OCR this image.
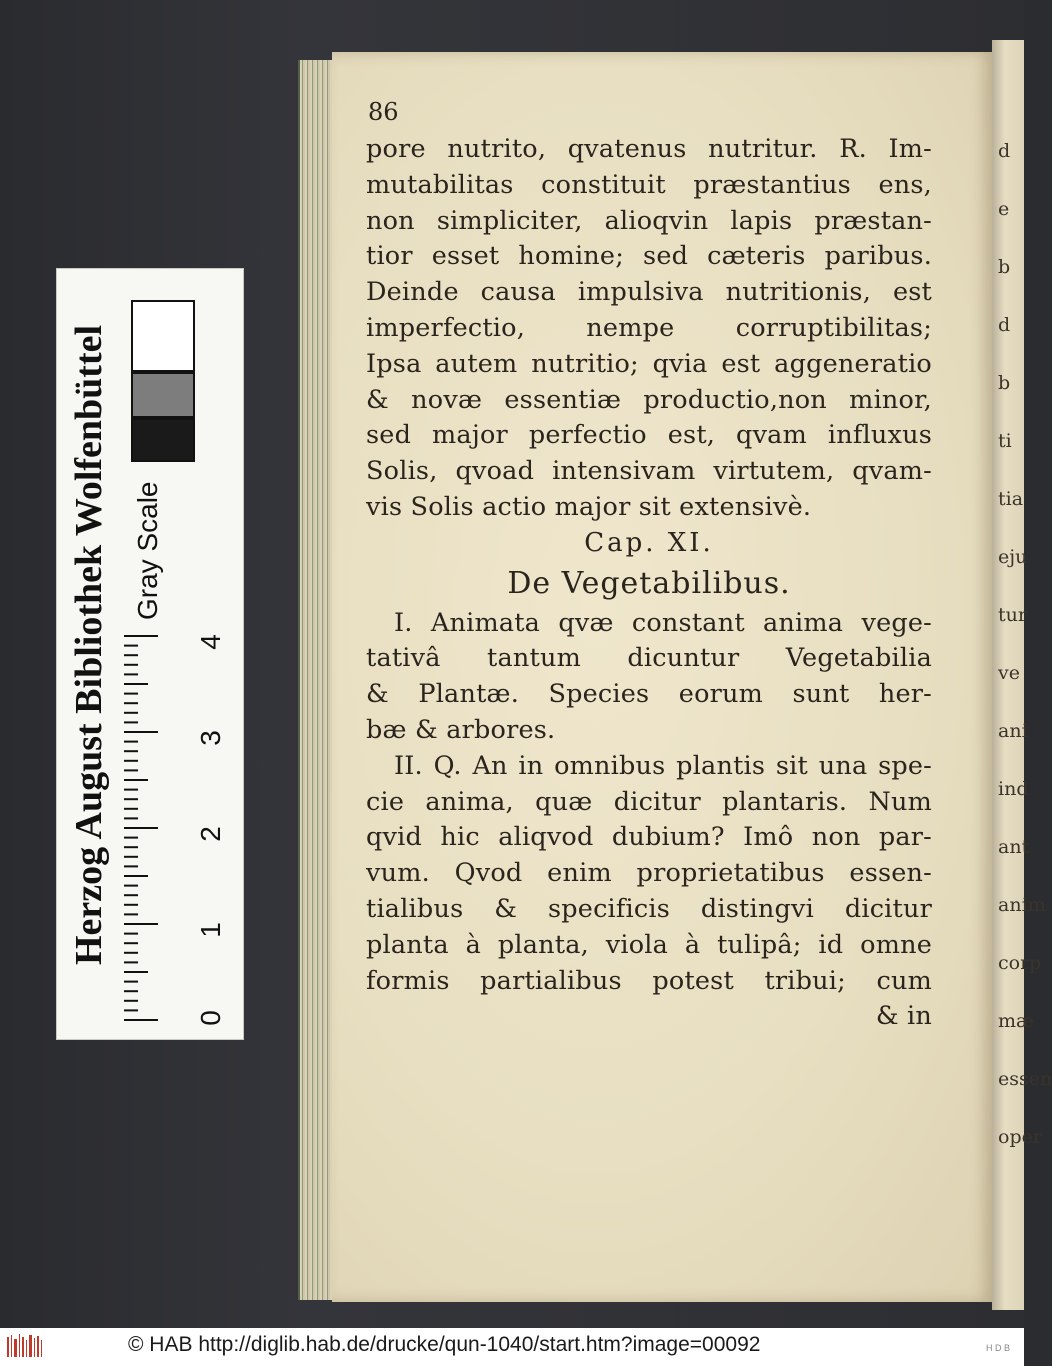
Herzog August Bibliothek Wolfenbüttel Gray Scale
0
1
2
3
4
d
e
b
d
b
ti
tia
eju
tur
ve
ani
ind
ant
anim
corp
mæ
essen
oper
86
pore nutrito, qvatenus nutritur. R. Im-
mutabilitas constituit præstantius ens,
non simpliciter, alioqvin lapis præstan-
tior esset homine; sed cæteris paribus.
Deinde causa impulsiva nutritionis, est
imperfectio, nempe corruptibilitas;
Ipsa autem nutritio; qvia est aggeneratio
& novæ essentiæ productio,non minor,
sed major perfectio est, qvam influxus
Solis, qvoad intensivam virtutem, qvam-
vis Solis actio major sit extensivè.
Cap. XI.
De Vegetabilibus.
I. Animata qvæ constant anima vege-
tativâ tantum dicuntur Vegetabilia
& Plantæ. Species eorum sunt her-
bæ & arbores.
II. Q. An in omnibus plantis sit una spe-
cie anima, quæ dicitur plantaris. Num
qvid hic aliqvod dubium? Imô non par-
vum. Qvod enim proprietatibus essen-
tialibus & specificis distingvi dicitur
planta à planta, viola à tulipâ; id omne
formis partialibus potest tribui; cum
& in
© HAB http://diglib.hab.de/drucke/qun-1040/start.htm?image=00092	H D B
